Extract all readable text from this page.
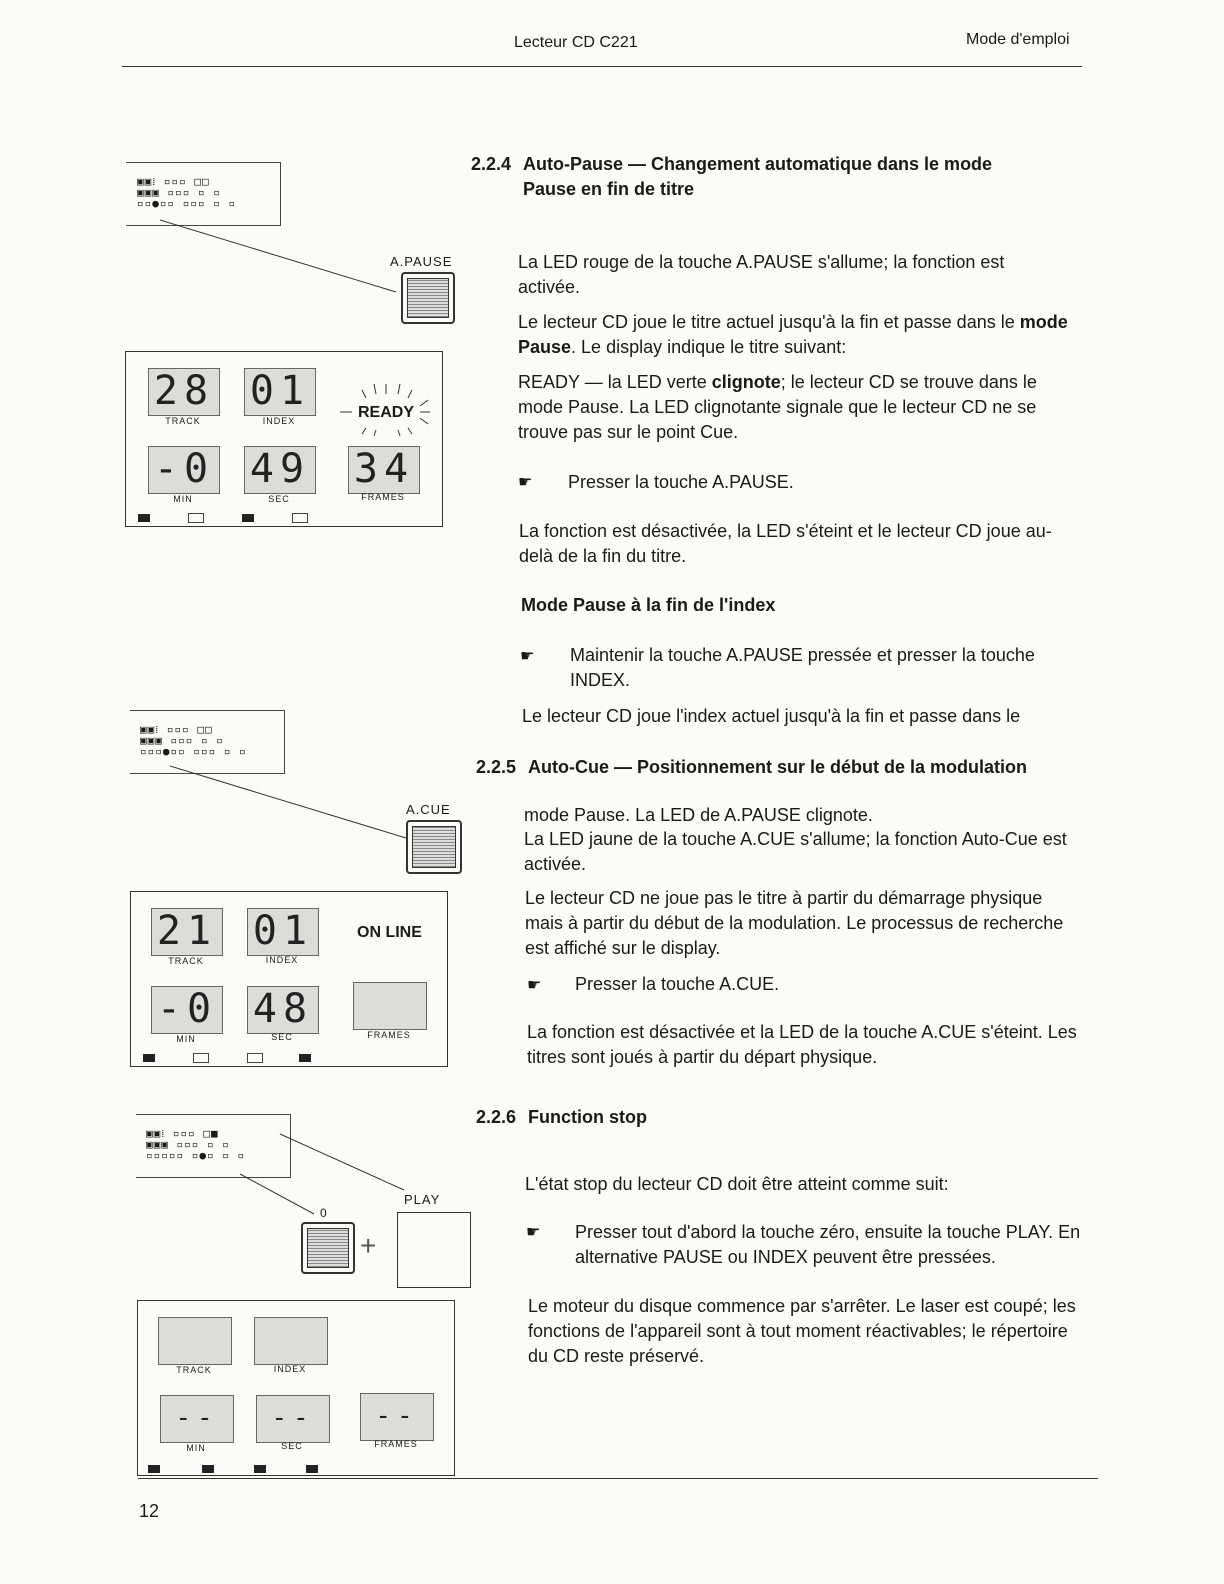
Lecteur CD C221	Mode d'emploi
▣▣⁞ ▫▫▫ □□
▣▣▣ ▫▫▫ ▫ ▫
▫▫●▫▫ ▫▫▫ ▫ ▫
A.PAUSE
28
TRACK
01
INDEX	READY
-0
MIN
49
SEC
34
FRAMES
▣▣⁞ ▫▫▫ □□
▣▣▣ ▫▫▫ ▫ ▫
▫▫▫●▫▫ ▫▫▫ ▫ ▫
A.CUE
21
TRACK
01
INDEX
ON LINE
-0
MIN
48
SEC	FRAMES
▣▣⁞ ▫▫▫ □■
▣▣▣ ▫▫▫ ▫ ▫
▫▫▫▫▫ ▫●▫ ▫ ▫
0
+
PLAY
TRACK	INDEX
--
MIN
--
SEC
--
FRAMES
2.2.4 Auto-Pause — Changement automatique dans le mode
Pause en fin de titre
La LED rouge de la touche A.PAUSE s'allume; la fonction est activée.
Le lecteur CD joue le titre actuel jusqu'à la fin et passe dans le mode Pause. Le display indique le titre suivant:
READY — la LED verte clignote; le lecteur CD se trouve dans le mode Pause. La LED clignotante signale que le lecteur CD ne se trouve pas sur le point Cue.
☛ Presser la touche A.PAUSE.
La fonction est désactivée, la LED s'éteint et le lecteur CD joue au-delà de la fin du titre.
Mode Pause à la fin de l'index
☛ Maintenir la touche A.PAUSE pressée et presser la touche INDEX.
Le lecteur CD joue l'index actuel jusqu'à la fin et passe dans le
2.2.5 Auto-Cue — Positionnement sur le début de la modulation
mode Pause. La LED de A.PAUSE clignote.
La LED jaune de la touche A.CUE s'allume; la fonction Auto-Cue est activée.
Le lecteur CD ne joue pas le titre à partir du démarrage physique mais à partir du début de la modulation. Le processus de recherche est affiché sur le display.
☛ Presser la touche A.CUE.
La fonction est désactivée et la LED de la touche A.CUE s'éteint. Les titres sont joués à partir du départ physique.
2.2.6 Function stop
L'état stop du lecteur CD doit être atteint comme suit:
☛ Presser tout d'abord la touche zéro, ensuite la touche PLAY. En alternative PAUSE ou INDEX peuvent être pressées.
Le moteur du disque commence par s'arrêter. Le laser est coupé; les fonctions de l'appareil sont à tout moment réactivables; le répertoire du CD reste préservé.
12
